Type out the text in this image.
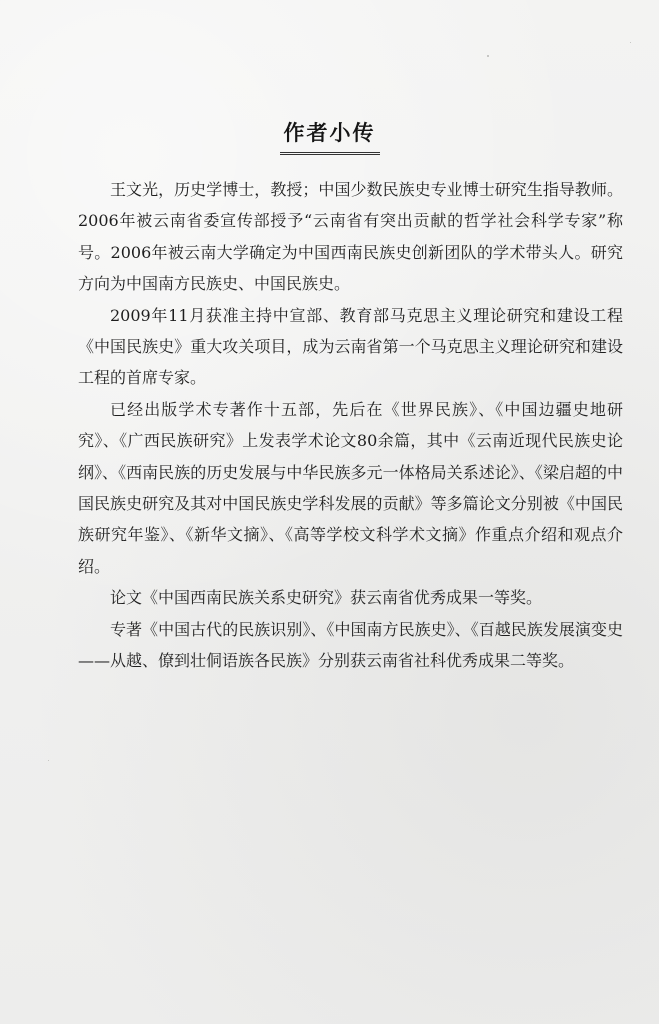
作者小传

王文光，历史学博士，教授；中国少数民族史专业博士研究生指导教师。2006年被云南省委宣传部授予“云南省有突出贡献的哲学社会科学专家”称号。2006年被云南大学确定为中国西南民族史创新团队的学术带头人。研究方向为中国南方民族史、中国民族史。

2009年11月获准主持中宣部、教育部马克思主义理论研究和建设工程《中国民族史》重大攻关项目，成为云南省第一个马克思主义理论研究和建设工程的首席专家。

已经出版学术专著作十五部，先后在《世界民族》、《中国边疆史地研究》、《广西民族研究》上发表学术论文80余篇，其中《云南近现代民族史论纲》、《西南民族的历史发展与中华民族多元一体格局关系述论》、《梁启超的中国民族史研究及其对中国民族史学科发展的贡献》等多篇论文分别被《中国民族研究年鉴》、《新华文摘》、《高等学校文科学术文摘》作重点介绍和观点介绍。

论文《中国西南民族关系史研究》获云南省优秀成果一等奖。

专著《中国古代的民族识别》、《中国南方民族史》、《百越民族发展演变史——从越、僚到壮侗语族各民族》分别获云南省社科优秀成果二等奖。
